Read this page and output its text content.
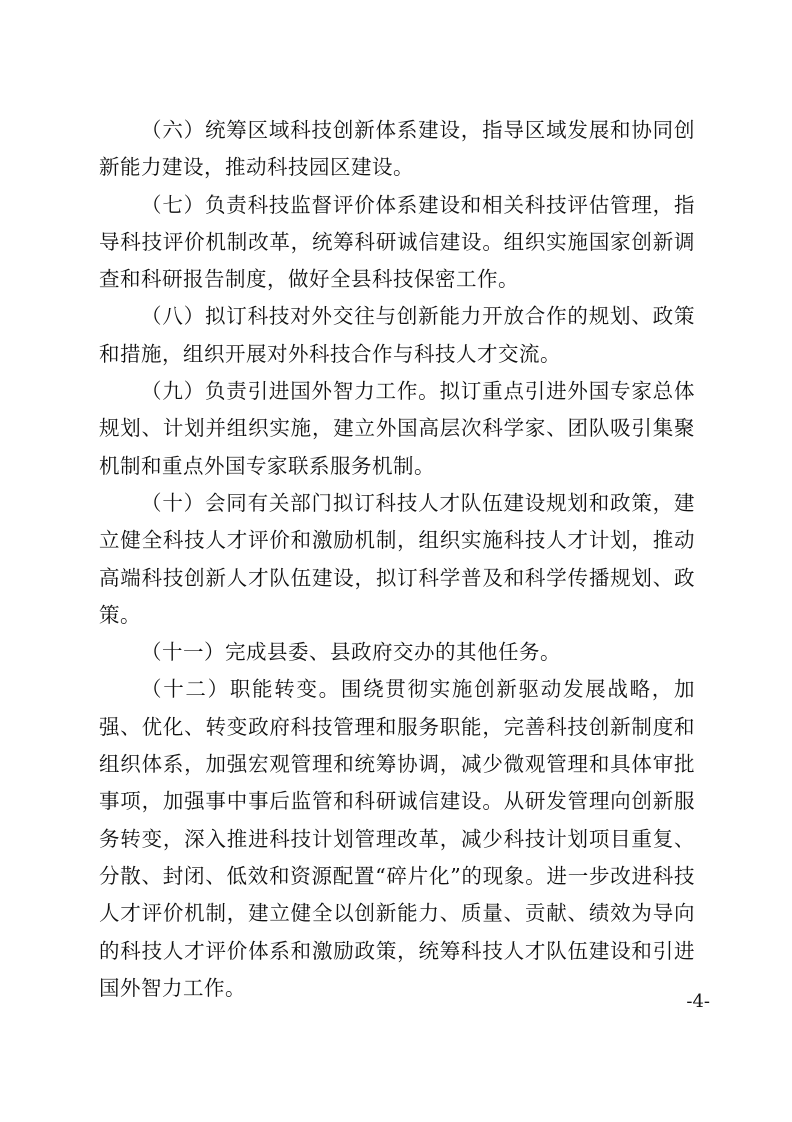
（六）统筹区域科技创新体系建设，指导区域发展和协同创新能力建设，推动科技园区建设。

（七）负责科技监督评价体系建设和相关科技评估管理，指导科技评价机制改革，统筹科研诚信建设。组织实施国家创新调查和科研报告制度，做好全县科技保密工作。

（八）拟订科技对外交往与创新能力开放合作的规划、政策和措施，组织开展对外科技合作与科技人才交流。

（九）负责引进国外智力工作。拟订重点引进外国专家总体规划、计划并组织实施，建立外国高层次科学家、团队吸引集聚机制和重点外国专家联系服务机制。

（十）会同有关部门拟订科技人才队伍建设规划和政策，建立健全科技人才评价和激励机制，组织实施科技人才计划，推动高端科技创新人才队伍建设，拟订科学普及和科学传播规划、政策。

（十一）完成县委、县政府交办的其他任务。

（十二）职能转变。围绕贯彻实施创新驱动发展战略，加强、优化、转变政府科技管理和服务职能，完善科技创新制度和组织体系，加强宏观管理和统筹协调，减少微观管理和具体审批事项，加强事中事后监管和科研诚信建设。从研发管理向创新服务转变，深入推进科技计划管理改革，减少科技计划项目重复、分散、封闭、低效和资源配置“碎片化”的现象。进一步改进科技人才评价机制，建立健全以创新能力、质量、贡献、绩效为导向的科技人才评价体系和激励政策，统筹科技人才队伍建设和引进国外智力工作。

-4-
